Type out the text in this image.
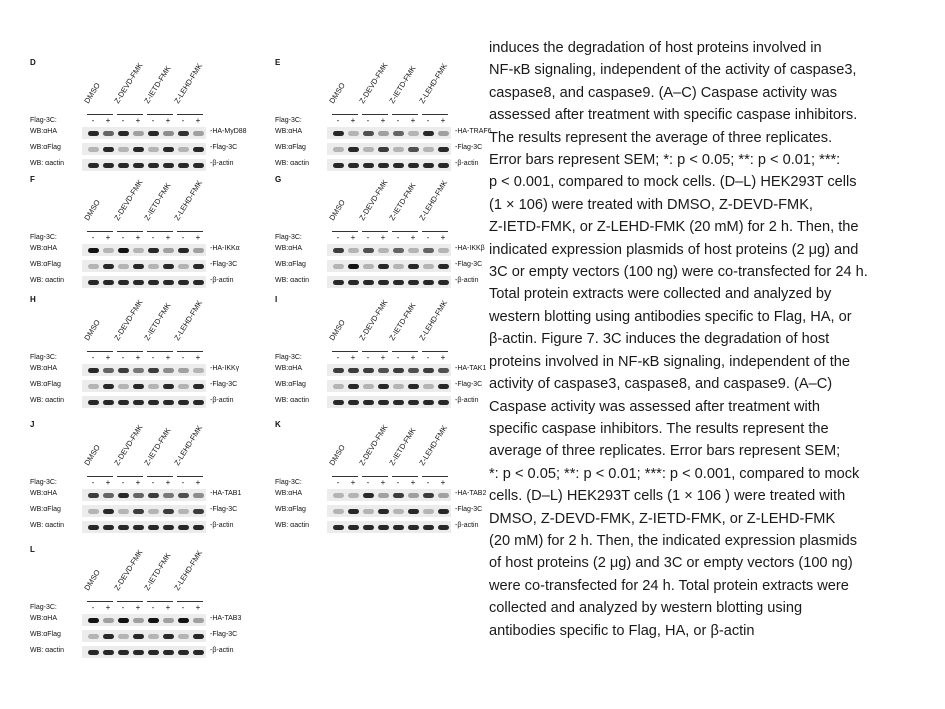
D
DMSO Z-DEVD-FMK
Z-IETD-FMK Z-LEHD-FMK
Flag-3C:	-	+	-	+	-	+	-	+
WB:αHA	-HA-MyD88
WB:αFlag	-Flag-3C
WB: αactin	-β-actin
E
DMSO Z-DEVD-FMK
Z-IETD-FMK Z-LEHD-FMK
Flag-3C:	-	+	-	+	-	+	-	+
WB:αHA	-HA-TRAF6
WB:αFlag	-Flag-3C
WB: αactin	-β-actin
F
DMSO Z-DEVD-FMK
Z-IETD-FMK Z-LEHD-FMK
Flag-3C:	-	+	-	+	-	+	-	+
WB:αHA	-HA-IKKα
WB:αFlag	-Flag-3C
WB: αactin	-β-actin
G
DMSO Z-DEVD-FMK
Z-IETD-FMK Z-LEHD-FMK
Flag-3C:	-	+	-	+	-	+	-	+
WB:αHA	-HA-IKKβ
WB:αFlag	-Flag-3C
WB: αactin	-β-actin
H
DMSO Z-DEVD-FMK
Z-IETD-FMK Z-LEHD-FMK
Flag-3C:	-	+	-	+	-	+	-	+
WB:αHA	-HA-IKKγ
WB:αFlag	-Flag-3C
WB: αactin	-β-actin
I
DMSO Z-DEVD-FMK
Z-IETD-FMK Z-LEHD-FMK
Flag-3C:	-	+	-	+	-	+	-	+
WB:αHA	-HA-TAK1
WB:αFlag	-Flag-3C
WB: αactin	-β-actin
J
DMSO Z-DEVD-FMK
Z-IETD-FMK Z-LEHD-FMK
Flag-3C:	-	+	-	+	-	+	-	+
WB:αHA	-HA-TAB1
WB:αFlag	-Flag-3C
WB: αactin	-β-actin
K
DMSO Z-DEVD-FMK
Z-IETD-FMK Z-LEHD-FMK
Flag-3C:	-	+	-	+	-	+	-	+
WB:αHA	-HA-TAB2
WB:αFlag	-Flag-3C
WB: αactin	-β-actin
L
DMSO Z-DEVD-FMK
Z-IETD-FMK Z-LEHD-FMK
Flag-3C:	-	+	-	+	-	+	-	+
WB:αHA	-HA-TAB3
WB:αFlag	-Flag-3C
WB: αactin	-β-actin
induces the degradation of host proteins involved in
NF-κB signaling, independent of the activity of caspase3,
caspase8, and caspase9. (A–C) Caspase activity was
assessed after treatment with specific caspase inhibitors.
The results represent the average of three replicates.
Error bars represent SEM; *: p < 0.05; **: p < 0.01; ***:
p < 0.001, compared to mock cells. (D–L) HEK293T cells
(1 × 106) were treated with DMSO, Z-DEVD-FMK,
Z-IETD-FMK, or Z-LEHD-FMK (20 mM) for 2 h. Then, the
indicated expression plasmids of host proteins (2 μg) and
3C or empty vectors (100 ng) were co-transfected for 24 h.
Total protein extracts were collected and analyzed by
western blotting using antibodies specific to Flag, HA, or
β-actin. Figure 7. 3C induces the degradation of host
proteins involved in NF-κB signaling, independent of the
activity of caspase3, caspase8, and caspase9. (A–C)
Caspase activity was assessed after treatment with
specific caspase inhibitors. The results represent the
average of three replicates. Error bars represent SEM;
*: p < 0.05; **: p < 0.01; ***: p < 0.001, compared to mock
cells. (D–L) HEK293T cells (1 × 106 ) were treated with
DMSO, Z-DEVD-FMK, Z-IETD-FMK, or Z-LEHD-FMK
(20 mM) for 2 h. Then, the indicated expression plasmids
of host proteins (2 μg) and 3C or empty vectors (100 ng)
were co-transfected for 24 h. Total protein extracts were
collected and analyzed by western blotting using
antibodies specific to Flag, HA, or β-actin
